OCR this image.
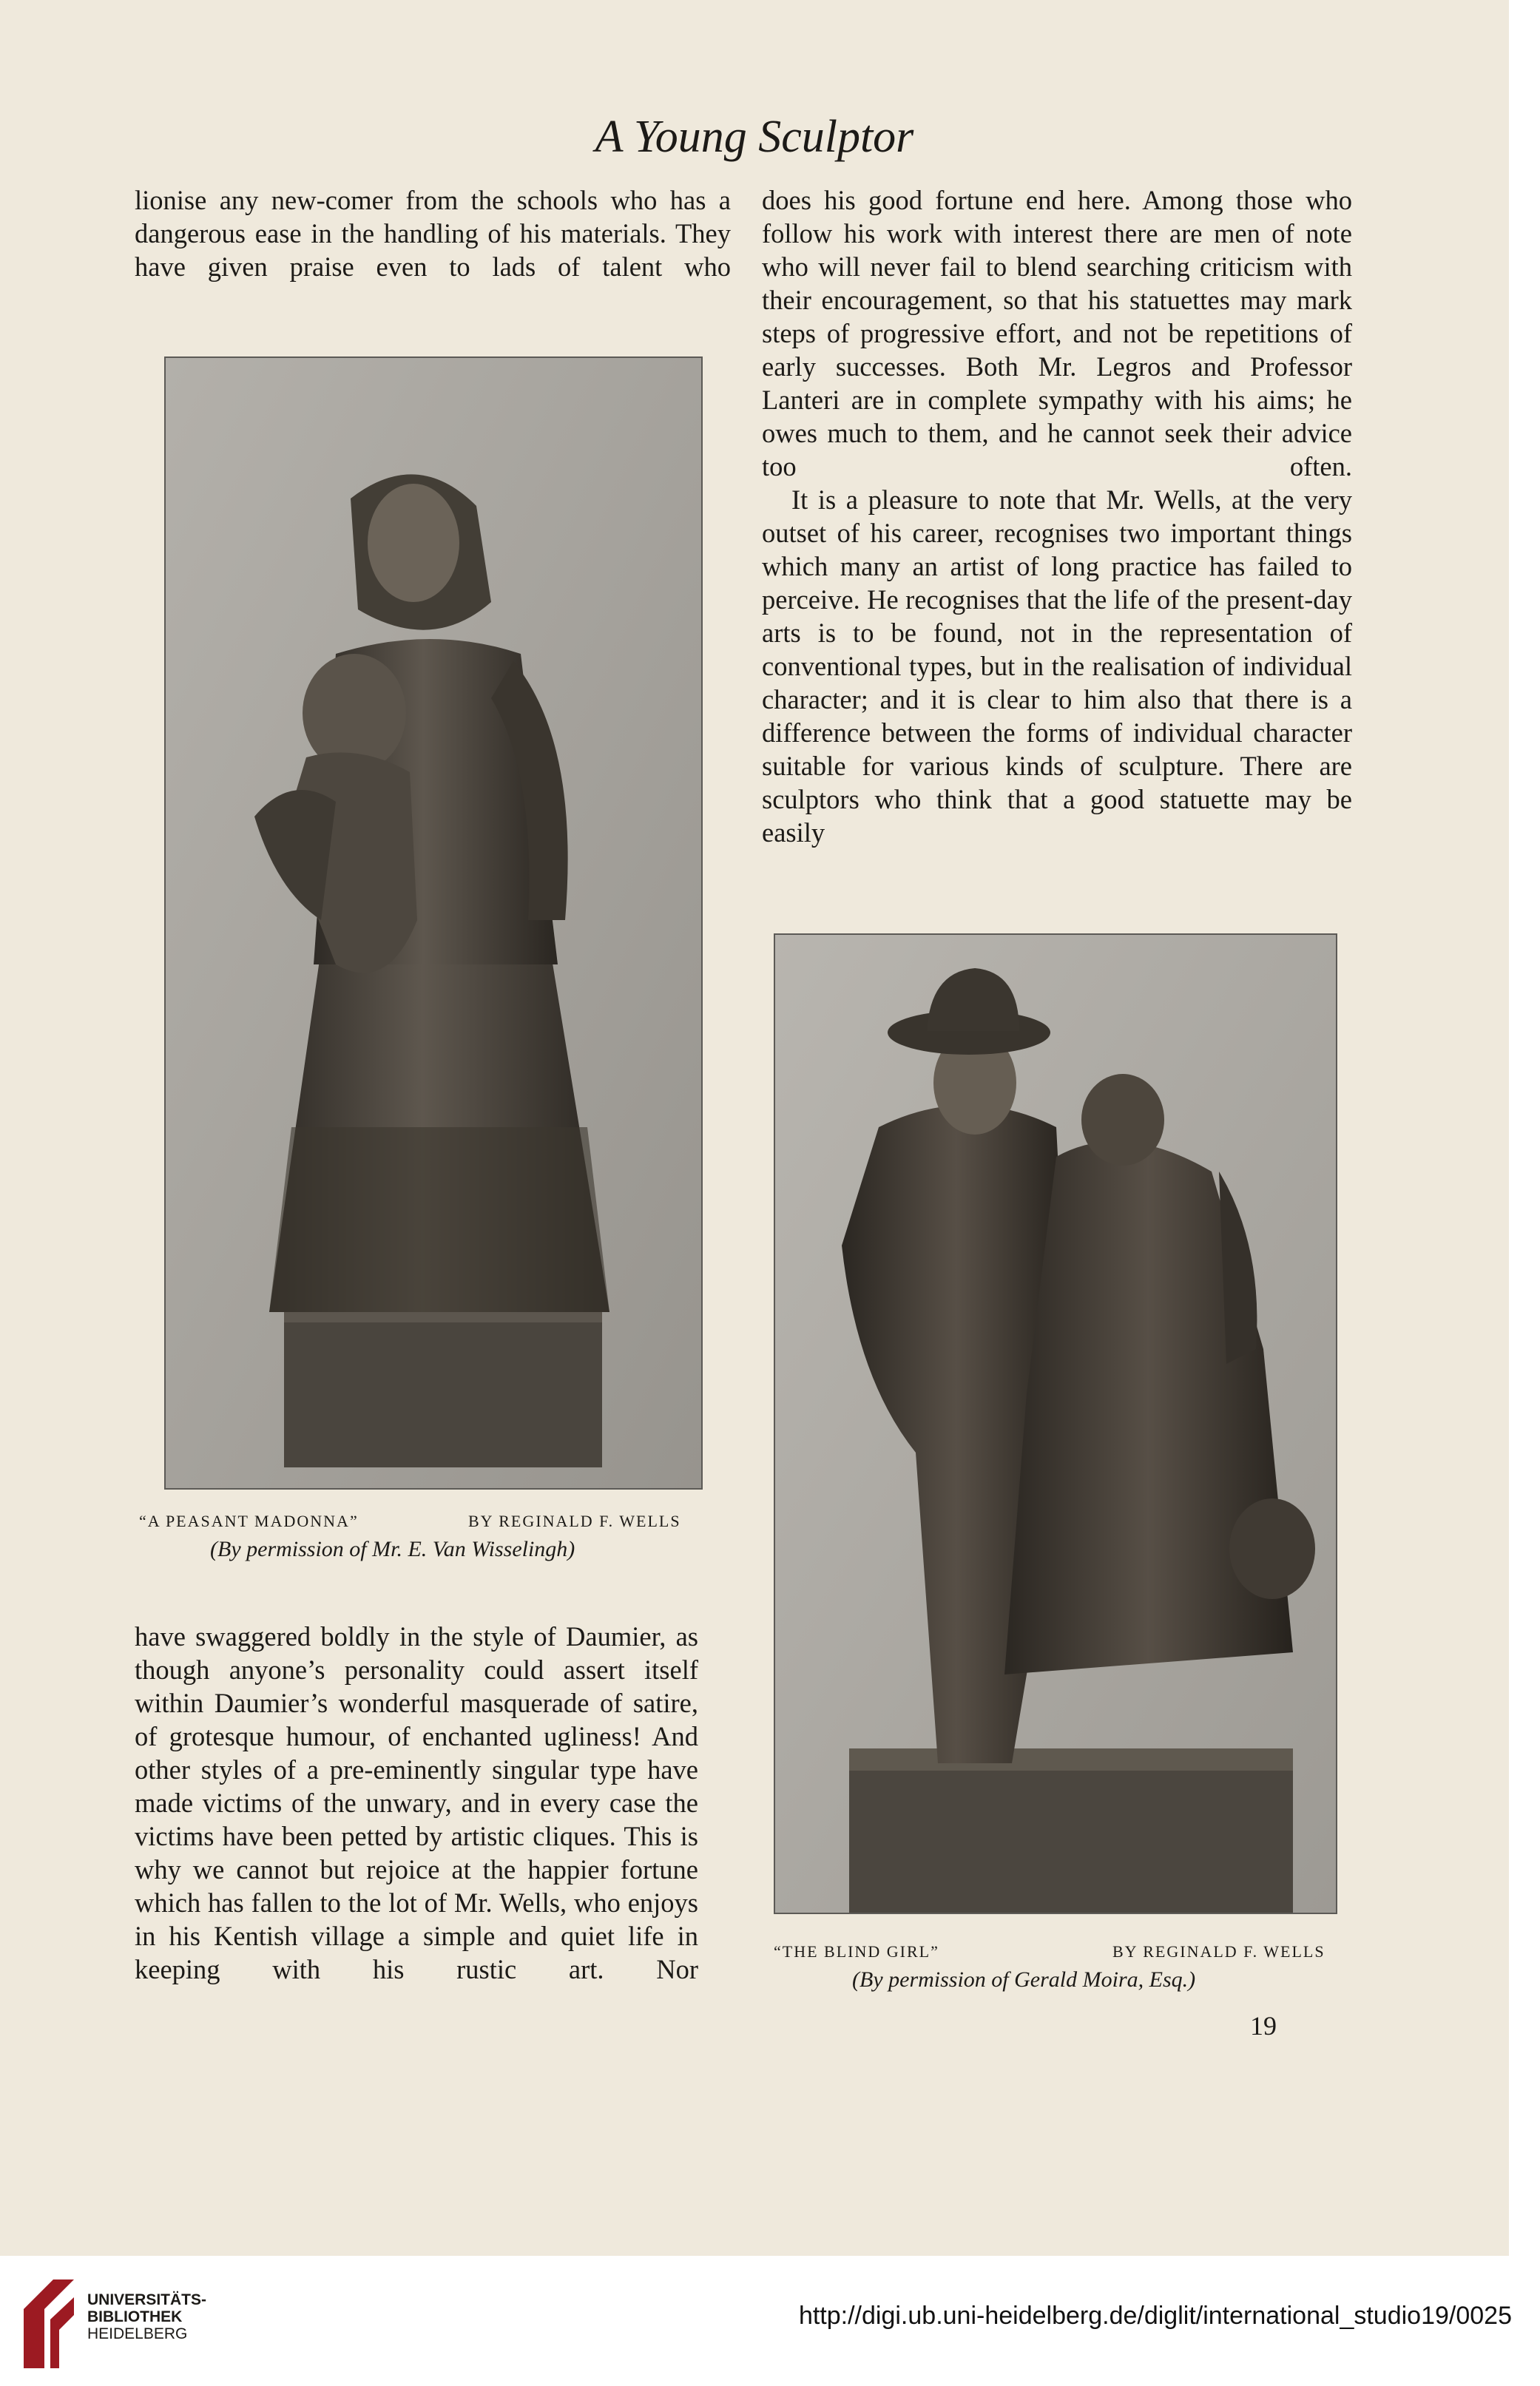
A Young Sculptor

lionise any new-comer from the schools who has a dangerous ease in the handling of his materials. They have given praise even to lads of talent who

does his good fortune end here. Among those who follow his work with interest there are men of note who will never fail to blend searching criticism with their encouragement, so that his statuettes may mark steps of progressive effort, and not be repetitions of early successes. Both Mr. Legros and Professor Lanteri are in complete sympathy with his aims; he owes much to them, and he cannot seek their advice too often.

It is a pleasure to note that Mr. Wells, at the very outset of his career, recognises two important things which many an artist of long practice has failed to perceive. He recognises that the life of the present-day arts is to be found, not in the representation of conventional types, but in the realisation of individual character; and it is clear to him also that there is a difference between the forms of individual character suitable for various kinds of sculpture. There are sculptors who think that a good statuette may be easily

have swaggered boldly in the style of Daumier, as though anyone’s personality could assert itself within Daumier’s wonderful masquerade of satire, of grotesque humour, of enchanted ugliness! And other styles of a pre-eminently singular type have made victims of the unwary, and in every case the victims have been petted by artistic cliques. This is why we cannot but rejoice at the happier fortune which has fallen to the lot of Mr. Wells, who enjoys in his Kentish village a simple and quiet life in keeping with his rustic art. Nor

“A PEASANT MADONNA”	BY REGINALD F. WELLS
(By permission of Mr. E. Van Wisselingh)
“THE BLIND GIRL”	BY REGINALD F. WELLS
(By permission of Gerald Moira, Esq.)
19
UNIVERSITÄTS-
BIBLIOTHEK
HEIDELBERG
http://digi.ub.uni-heidelberg.de/diglit/international_studio19/0025
